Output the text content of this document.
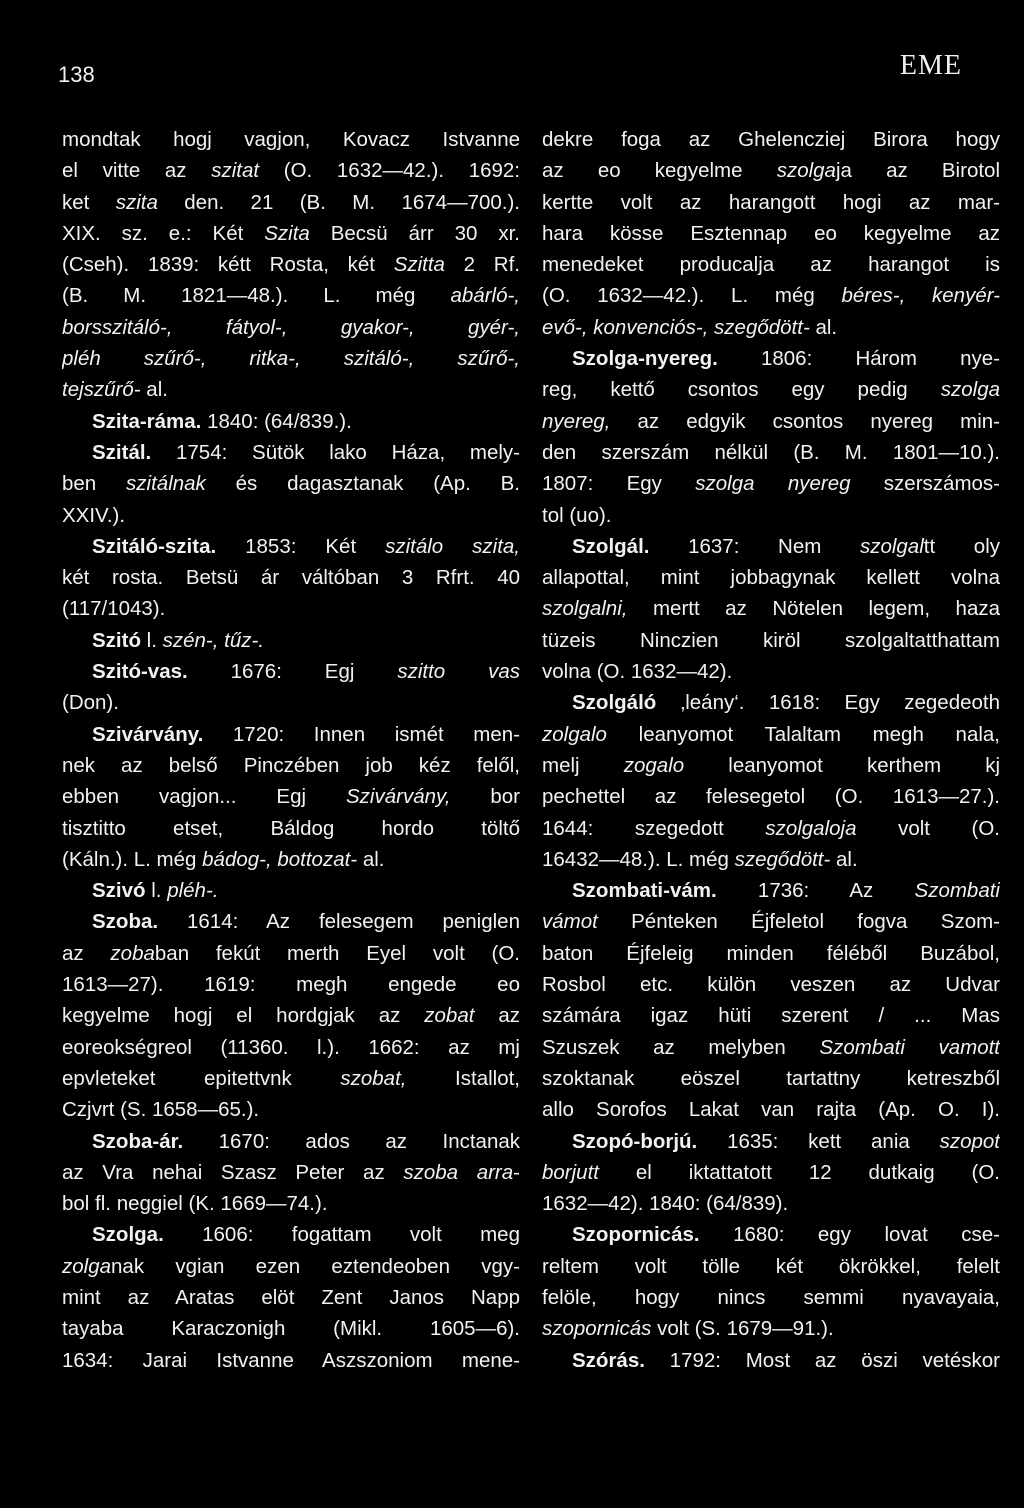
138	EME
mondtak hogj vagjon, Kovacz Istvanne
el vitte az szitat (O. 1632—42.). 1692:
ket szita den. 21 (B. M. 1674—700.).
XIX. sz. e.: Két Szita Becsü árr 30 xr.
(Cseh). 1839: kétt Rosta, két Szitta 2 Rf.
(B. M. 1821—48.). L. még abárló-,
borsszitáló-, fátyol-, gyakor-, gyér-,
pléh szűrő-, ritka-, szitáló-, szűrő-,
tejszűrő- al.
Szita-ráma. 1840: (64/839.).
Szitál. 1754: Sütök lako Háza, mely-
ben szitálnak és dagasztanak (Ap. B.
XXIV.).
Szitáló-szita. 1853: Két szitálo szita,
két rosta. Betsü ár váltóban 3 Rfrt. 40
(117/1043).
Szitó l. szén-, tűz-.
Szitó-vas. 1676: Egj szitto vas
(Don).
Szivárvány. 1720: Innen ismét men-
nek az belső Pinczében job kéz felől,
ebben vagjon... Egj Szivárvány, bor
tisztitto etset, Báldog hordo töltő
(Káln.). L. még bádog-, bottozat- al.
Szivó l. pléh-.
Szoba. 1614: Az felesegem peniglen
az zobaban fekút merth Eyel volt (O.
1613—27). 1619: megh engede eo
kegyelme hogj el hordgjak az zobat az
eoreokségreol (11360. l.). 1662: az mj
epvleteket epitettvnk szobat, Istallot,
Czjvrt (S. 1658—65.).
Szoba-ár. 1670: ados az Inctanak
az Vra nehai Szasz Peter az szoba arra-
bol fl. neggiel (K. 1669—74.).
Szolga. 1606: fogattam volt meg
zolganak vgian ezen eztendeoben vgy-
mint az Aratas elöt Zent Janos Napp
tayaba Karaczonigh (Mikl. 1605—6).
1634: Jarai Istvanne Aszszoniom mene-
dekre foga az Ghelencziej Birora hogy
az eo kegyelme szolgaja az Birotol
kertte volt az harangott hogi az mar-
hara kösse Esztennap eo kegyelme az
menedeket producalja az harangot is
(O. 1632—42.). L. még béres-, kenyér-
evő-, konvenciós-, szegődött- al.
Szolga-nyereg. 1806: Három nye-
reg, kettő csontos egy pedig szolga
nyereg, az edgyik csontos nyereg min-
den szerszám nélkül (B. M. 1801—10.).
1807: Egy szolga nyereg szerszámos-
tol (uo).
Szolgál. 1637: Nem szolgaltt oly
allapottal, mint jobbagynak kellett volna
szolgalni, mertt az Nötelen legem, haza
tüzeis Ninczien kiröl szolgaltatthattam
volna (O. 1632—42).
Szolgáló ‚leány‘. 1618: Egy zegedeoth
zolgalo leanyomot Talaltam megh nala,
melj zogalo leanyomot kerthem kj
pechettel az felesegetol (O. 1613—27.).
1644: szegedott szolgaloja volt (O.
16432—48.). L. még szegődött- al.
Szombati-vám. 1736: Az Szombati
vámot Pénteken Éjfeletol fogva Szom-
baton Éjfeleig minden féléből Buzábol,
Rosbol etc. külön veszen az Udvar
számára igaz hüti szerent / ... Mas
Szuszek az melyben Szombati vamott
szoktanak eöszel tartattny ketreszből
allo Sorofos Lakat van rajta (Ap. O. I).
Szopó-borjú. 1635: kett ania szopot
borjutt el iktattatott 12 dutkaig (O.
1632—42). 1840: (64/839).
Szopornicás. 1680: egy lovat cse-
reltem volt tölle két ökrökkel, felelt
felöle, hogy nincs semmi nyavayaia,
szopornicás volt (S. 1679—91.).
Szórás. 1792: Most az öszi vetéskor
